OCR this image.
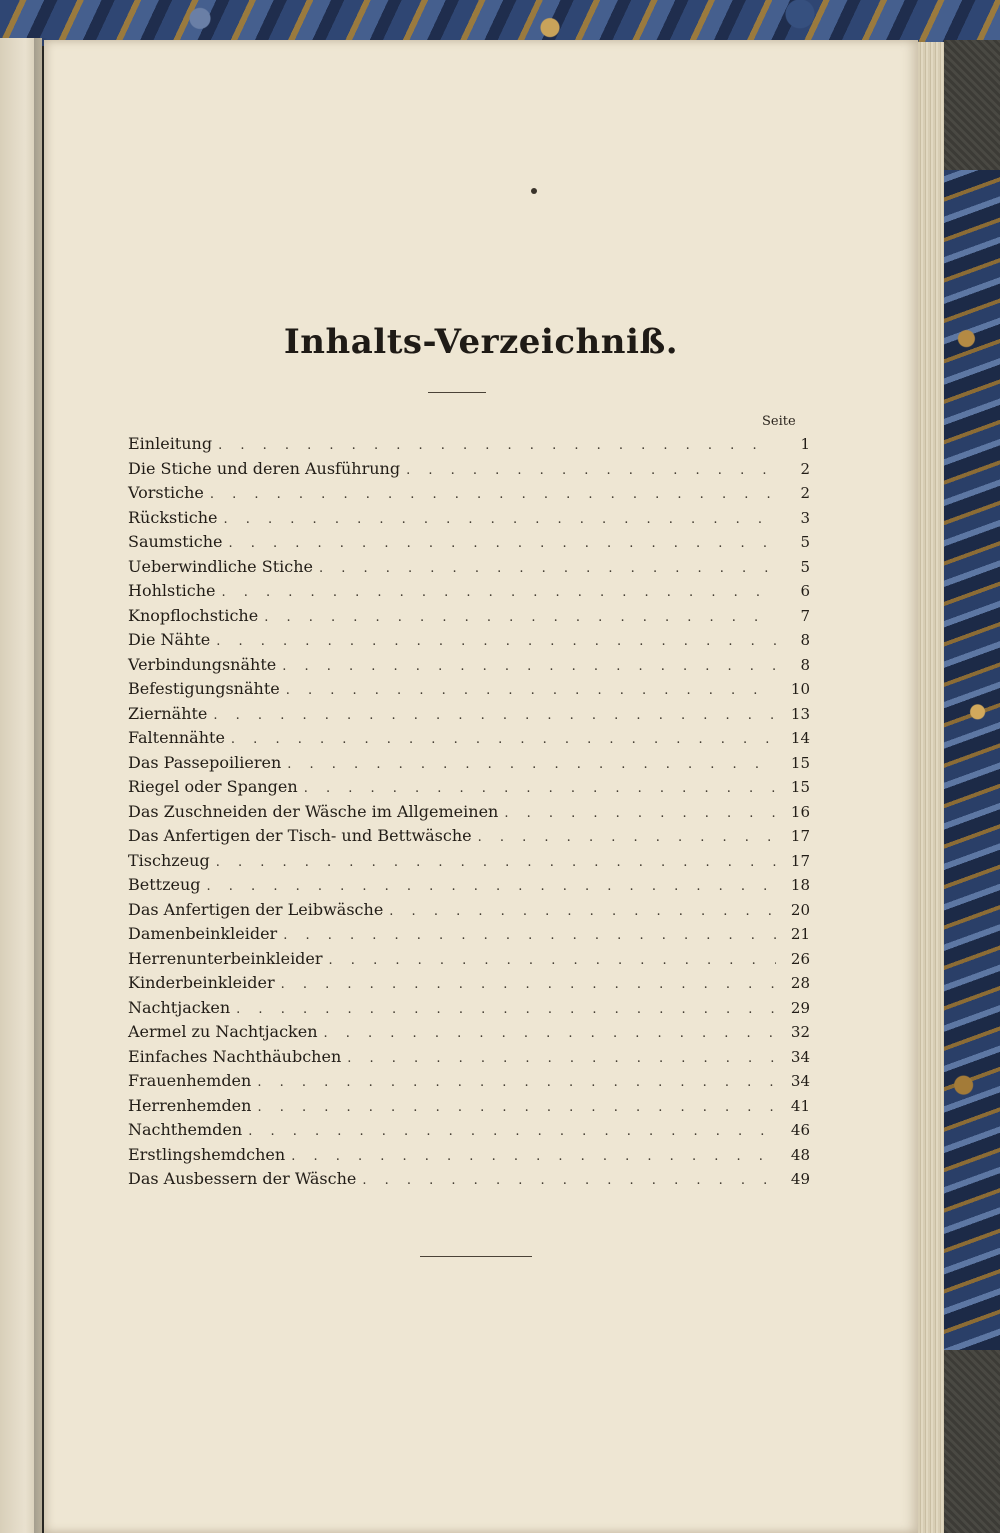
Inhalts-Verzeichniß.
Seite
Einleitung . . .	1
Die Stiche und deren Ausführung . . .	2
Vorstiche . . .	2
Rückstiche . . .	3
Saumstiche . . .	5
Ueberwindliche Stiche . . .	5
Hohlstiche . . .	6
Knopflochstiche . . .	7
Die Nähte . . .	8
Verbindungsnähte . . .	8
Befestigungsnähte . . .	10
Ziernähte . . .	13
Faltennähte . . .	14
Das Passepoilieren . . .	15
Riegel oder Spangen . . .	15
Das Zuschneiden der Wäsche im Allgemeinen . . .	16
Das Anfertigen der Tisch- und Bettwäsche . . .	17
Tischzeug . . .	17
Bettzeug . . .	18
Das Anfertigen der Leibwäsche . . .	20
Damenbeinkleider . . .	21
Herrenunterbeinkleider . . .	26
Kinderbeinkleider . . .	28
Nachtjacken . . .	29
Aermel zu Nachtjacken . . .	32
Einfaches Nachthäubchen . . .	34
Frauenhemden . . .	34
Herrenhemden . . .	41
Nachthemden . . .	46
Erstlingshemdchen . . .	48
Das Ausbessern der Wäsche . . .	49
